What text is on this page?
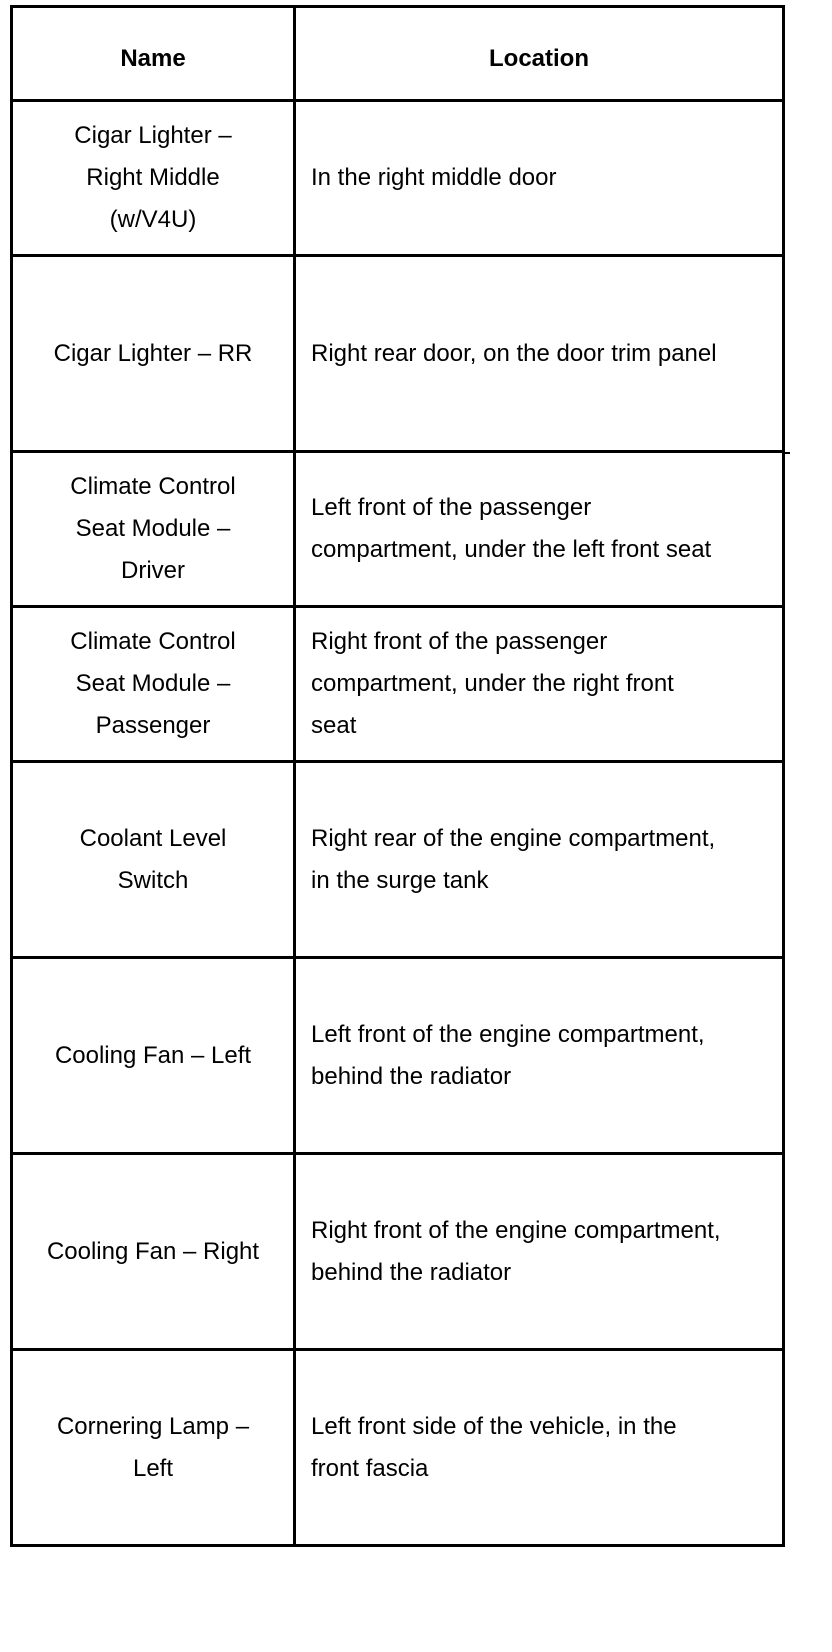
Name	Location
Cigar Lighter – Right Middle (w/V4U)	In the right middle door
Cigar Lighter – RR	Right rear door, on the door trim panel
Climate Control Seat Module – Driver	Left front of the passenger compartment, under the left front seat
Climate Control Seat Module – Passenger	Right front of the passenger compartment, under the right front seat
Coolant Level Switch	Right rear of the engine compartment, in the surge tank
Cooling Fan – Left	Left front of the engine compartment, behind the radiator
Cooling Fan – Right	Right front of the engine compartment, behind the radiator
Cornering Lamp – Left	Left front side of the vehicle, in the front fascia
